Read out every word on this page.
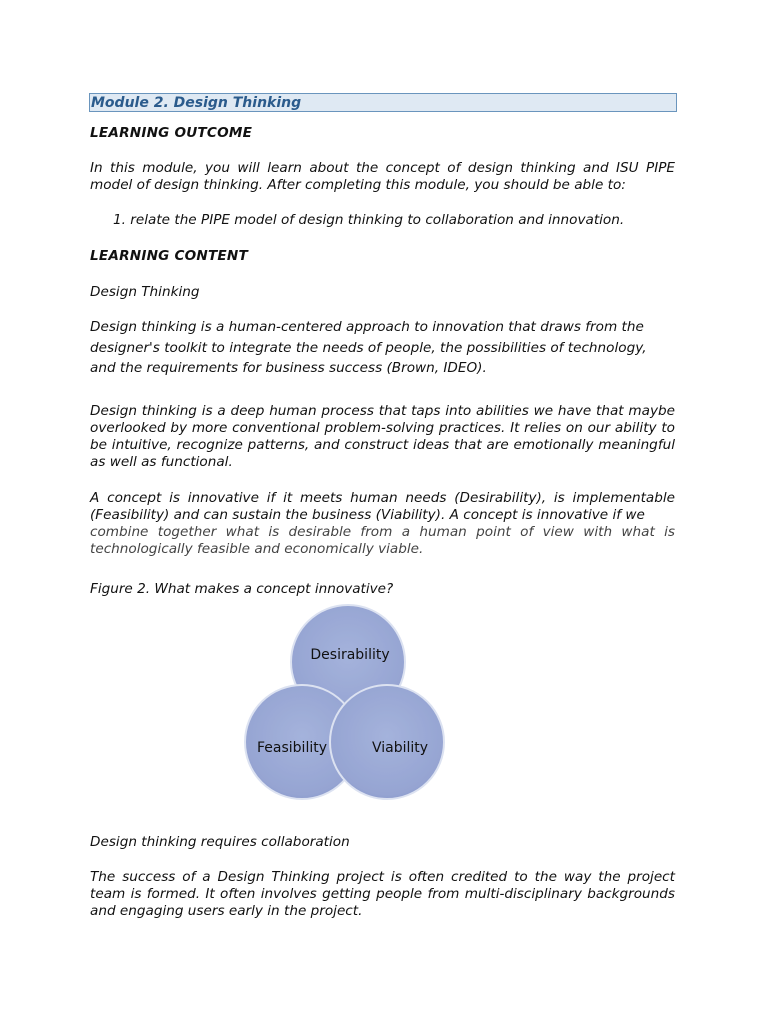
Module 2. Design Thinking
LEARNING OUTCOME
In this module, you will learn about the concept of design thinking and ISU PIPE model of design thinking. After completing this module, you should be able to:
1. relate the PIPE model of design thinking to collaboration and innovation.
LEARNING CONTENT
Design Thinking
Design thinking is a human-centered approach to innovation that draws from the designer's toolkit to integrate the needs of people, the possibilities of technology, and the requirements for business success (Brown, IDEO).
Design thinking is a deep human process that taps into abilities we have that maybe overlooked by more conventional problem-solving practices. It relies on our ability to be intuitive, recognize patterns, and construct ideas that are emotionally meaningful as well as functional.
A concept is innovative if it meets human needs (Desirability), is implementable (Feasibility) and can sustain the business (Viability). A concept is innovative if we
combine together what is desirable from a human point of view with what is technologically feasible and economically viable.
Figure 2. What makes a concept innovative?
Desirability
Feasibility	Viability
Design thinking requires collaboration
The success of a Design Thinking project is often credited to the way the project team is formed. It often involves getting people from multi-disciplinary backgrounds and engaging users early in the project.
